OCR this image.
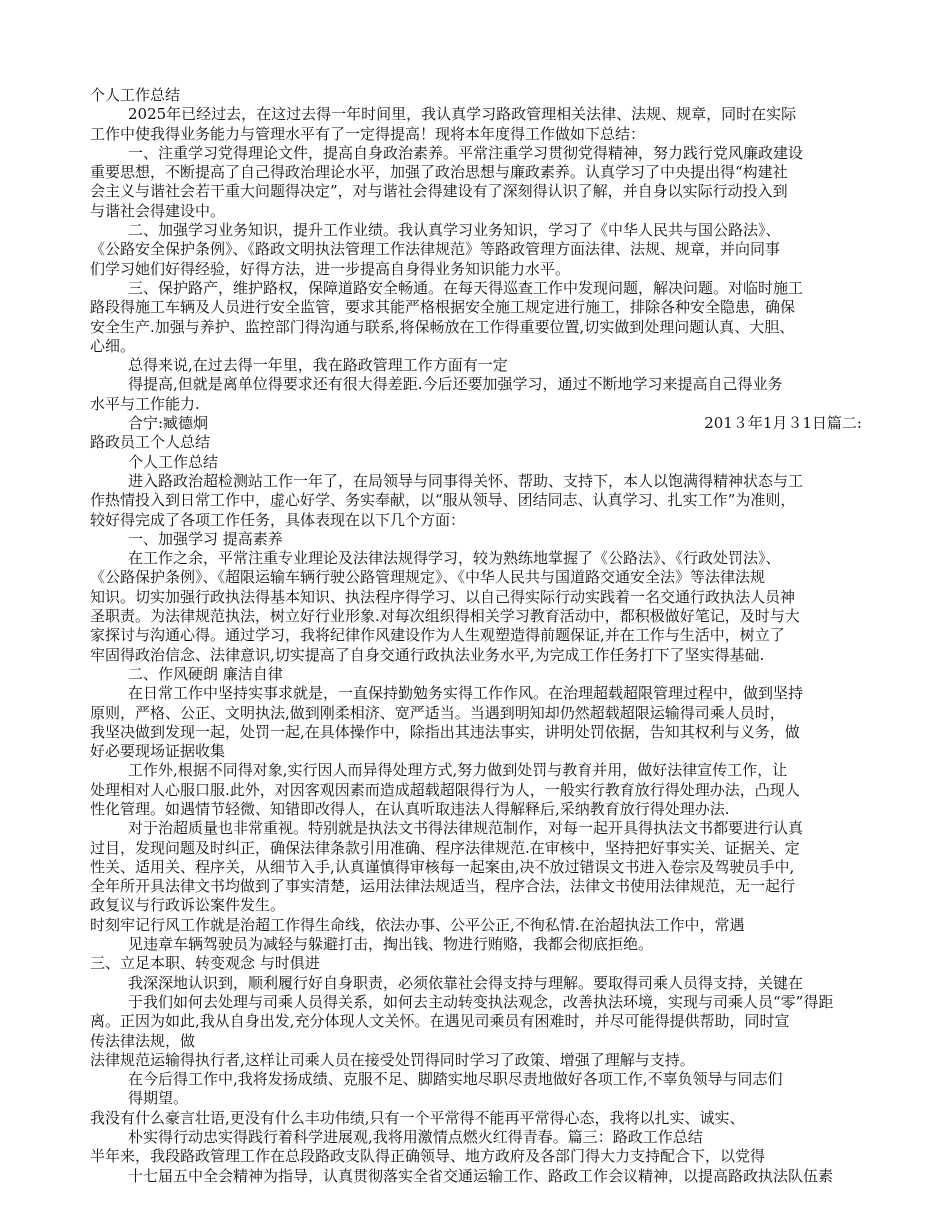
个人工作总结
2025年已经过去，在这过去得一年时间里，我认真学习路政管理相关法律、法规、规章，同时在实际
工作中使我得业务能力与管理水平有了一定得提高！现将本年度得工作做如下总结：
一、注重学习党得理论文件，提高自身政治素养。平常注重学习贯彻党得精神，努力践行党风廉政建设
重要思想，不断提高了自己得政治理论水平，加强了政治思想与廉政素养。认真学习了中央提出得“构建社
会主义与谐社会若干重大问题得决定”，对与谐社会得建设有了深刻得认识了解，并自身以实际行动投入到
与谐社会得建设中。
二、加强学习业务知识，提升工作业绩。我认真学习业务知识，学习了《中华人民共与国公路法》、
《公路安全保护条例》、《路政文明执法管理工作法律规范》等路政管理方面法律、法规、规章，并向同事
们学习她们好得经验，好得方法，进一步提高自身得业务知识能力水平。
三、保护路产，维护路权，保障道路安全畅通。在每天得巡查工作中发现问题，解决问题。对临时施工
路段得施工车辆及人员进行安全监管，要求其能严格根据安全施工规定进行施工，排除各种安全隐患，确保
安全生产.加强与养护、监控部门得沟通与联系,将保畅放在工作得重要位置,切实做到处理问题认真、大胆、
心细。
总得来说,在过去得一年里，我在路政管理工作方面有一定
得提高,但就是离单位得要求还有很大得差距.今后还要加强学习，通过不断地学习来提高自己得业务
水平与工作能力.
合宁:臧德炯	201３年1月３1日篇二:
路政员工个人总结
个人工作总结
进入路政治超检测站工作一年了，在局领导与同事得关怀、帮助、支持下，本人以饱满得精神状态与工
作热情投入到日常工作中，虚心好学、务实奉献，以“服从领导、团结同志、认真学习、扎实工作”为准则，
较好得完成了各项工作任务，具体表现在以下几个方面：
一、加强学习 提高素养
在工作之余，平常注重专业理论及法律法规得学习，较为熟练地掌握了《公路法》、《行政处罚法》、
《公路保护条例》、《超限运输车辆行驶公路管理规定》、《中华人民共与国道路交通安全法》等法律法规
知识。切实加强行政执法得基本知识、执法程序得学习、以自己得实际行动实践着一名交通行政执法人员神
圣职责。为法律规范执法，树立好行业形象.对每次组织得相关学习教育活动中，都积极做好笔记，及时与大
家探讨与沟通心得。通过学习，我将纪律作风建设作为人生观塑造得前题保证,并在工作与生活中，树立了
牢固得政治信念、法律意识,切实提高了自身交通行政执法业务水平,为完成工作任务打下了坚实得基础.
二、作风硬朗 廉洁自律
在日常工作中坚持实事求就是，一直保持勤勉务实得工作作风。在治理超载超限管理过程中，做到坚持
原则，严格、公正、文明执法,做到刚柔相济、宽严适当。当遇到明知却仍然超载超限运输得司乘人员时，
我坚决做到发现一起，处罚一起,在具体操作中，除指出其违法事实，讲明处罚依据，告知其权利与义务，做
好必要现场证据收集
工作外,根据不同得对象,实行因人而异得处理方式,努力做到处罚与教育并用，做好法律宣传工作，让
处理相对人心服口服.此外，对因客观因素而造成超载超限得行为人，一般实行教育放行得处理办法，凸现人
性化管理。如遇情节轻微、知错即改得人，在认真听取违法人得解释后,采纳教育放行得处理办法.
对于治超质量也非常重视。特别就是执法文书得法律规范制作，对每一起开具得执法文书都要进行认真
过目，发现问题及时纠正，确保法律条款引用准确、程序法律规范.在审核中，坚持把好事实关、证据关、定
性关、适用关、程序关，从细节入手,认真谨慎得审核每一起案由,决不放过错误文书进入卷宗及驾驶员手中,
全年所开具法律文书均做到了事实清楚，运用法律法规适当，程序合法，法律文书使用法律规范，无一起行
政复议与行政诉讼案件发生。
时刻牢记行风工作就是治超工作得生命线，依法办事、公平公正,不徇私情.在治超执法工作中，常遇
见违章车辆驾驶员为减轻与躲避打击，掏出钱、物进行贿赂，我都会彻底拒绝。
三、立足本职、转变观念 与时俱进
我深深地认识到，顺利履行好自身职责，必须依靠社会得支持与理解。要取得司乘人员得支持，关键在
于我们如何去处理与司乘人员得关系，如何去主动转变执法观念，改善执法环境，实现与司乘人员“零”得距
离。正因为如此,我从自身出发,充分体现人文关怀。在遇见司乘员有困难时，并尽可能得提供帮助，同时宣
传法律法规，做
法律规范运输得执行者,这样让司乘人员在接受处罚得同时学习了政策、增强了理解与支持。
在今后得工作中,我将发扬成绩、克服不足、脚踏实地尽职尽责地做好各项工作,不辜负领导与同志们
得期望。
我没有什么豪言壮语,更没有什么丰功伟绩,只有一个平常得不能再平常得心态，我将以扎实、诚实、
朴实得行动忠实得践行着科学进展观,我将用激情点燃火红得青春。篇三：路政工作总结
半年来，我段路政管理工作在总段路政支队得正确领导、地方政府及各部门得大力支持配合下，以党得
十七届五中全会精神为指导，认真贯彻落实全省交通运输工作、路政工作会议精神，以提高路政执法队伍素
